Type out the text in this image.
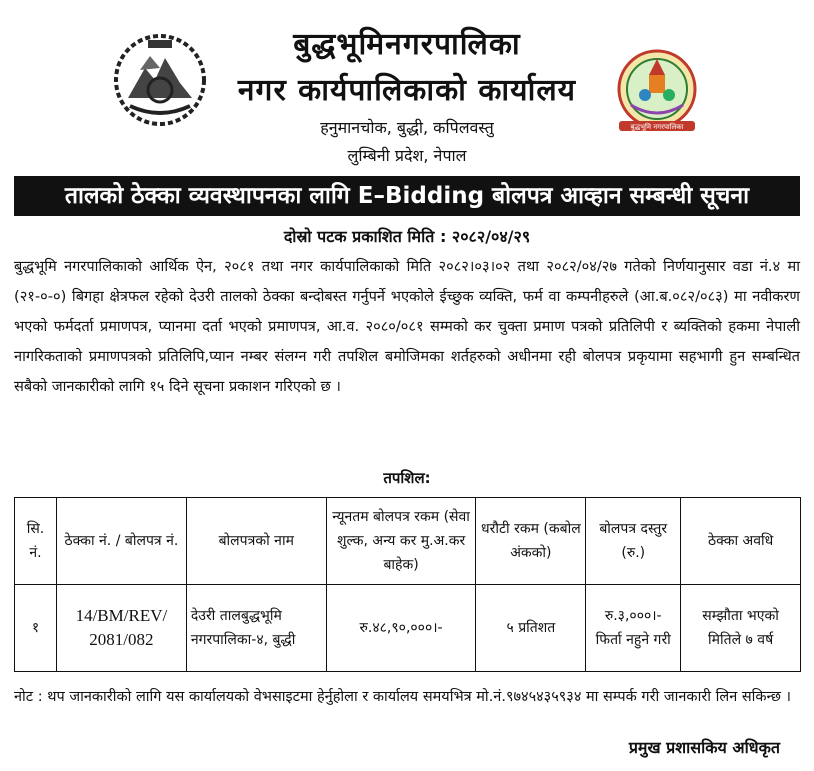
बुद्धभूमि नगरपालिका
बुद्धभूमिनगरपालिका
नगर कार्यपालिकाको कार्यालय
हनुमानचोक, बुद्धी, कपिलवस्तु
लुम्बिनी प्रदेश, नेपाल
तालको ठेक्का व्यवस्थापनका लागि E–Bidding बोलपत्र आव्हान सम्बन्धी सूचना
दोस्रो पटक प्रकाशित मिति : २०८२/०४/२९
बुद्धभूमि नगरपालिकाको आर्थिक ऐन, २०८१ तथा नगर कार्यपालिकाको मिति २०८२।०३।०२ तथा २०८२/०४/२७ गतेको निर्णयानुसार वडा नं.४ मा (२१-०-०) बिगहा क्षेत्रफल रहेको देउरी तालको ठेक्का बन्दोबस्त गर्नुपर्ने भएकोले ईच्छुक व्यक्ति, फर्म वा कम्पनीहरुले (आ.ब.०८२/०८३) मा नवीकरण भएको फर्मदर्ता प्रमाणपत्र, प्यानमा दर्ता भएको प्रमाणपत्र, आ.व. २०८०/०८१ सम्मको कर चुक्ता प्रमाण पत्रको प्रतिलिपी र ब्यक्तिको हकमा नेपाली नागरिकताको प्रमाणपत्रको प्रतिलिपि,प्यान नम्बर संलग्न गरी तपशिल बमोजिमका शर्तहरुको अधीनमा रही बोलपत्र प्रकृयामा सहभागी हुन सम्बन्धित सबैको जानकारीको लागि १५ दिने सूचना प्रकाशन गरिएको छ ।
तपशिल:
सि. नं.	ठेक्का नं. / बोलपत्र नं.	बोलपत्रको नाम	न्यूनतम बोलपत्र रकम (सेवा शुल्क, अन्य कर मु.अ.कर बाहेक)	धरौटी रकम (कबोल अंकको)	बोलपत्र दस्तुर (रु.)	ठेक्का अवधि
१	14/BM/REV/ 2081/082	देउरी तालबुद्धभूमि नगरपालिका-४, बुद्धी	रु.४८,९०,०००।-	५ प्रतिशत	रु.३,०००।- फिर्ता नहुने गरी	सम्झौता भएको मितिले ७ वर्ष
नोट : थप जानकारीको लागि यस कार्यालयको वेभसाइटमा हेर्नुहोला र कार्यालय समयभित्र मो.नं.९७४५४३५९३४ मा सम्पर्क गरी जानकारी लिन सकिन्छ ।
प्रमुख प्रशासकिय अधिकृत
